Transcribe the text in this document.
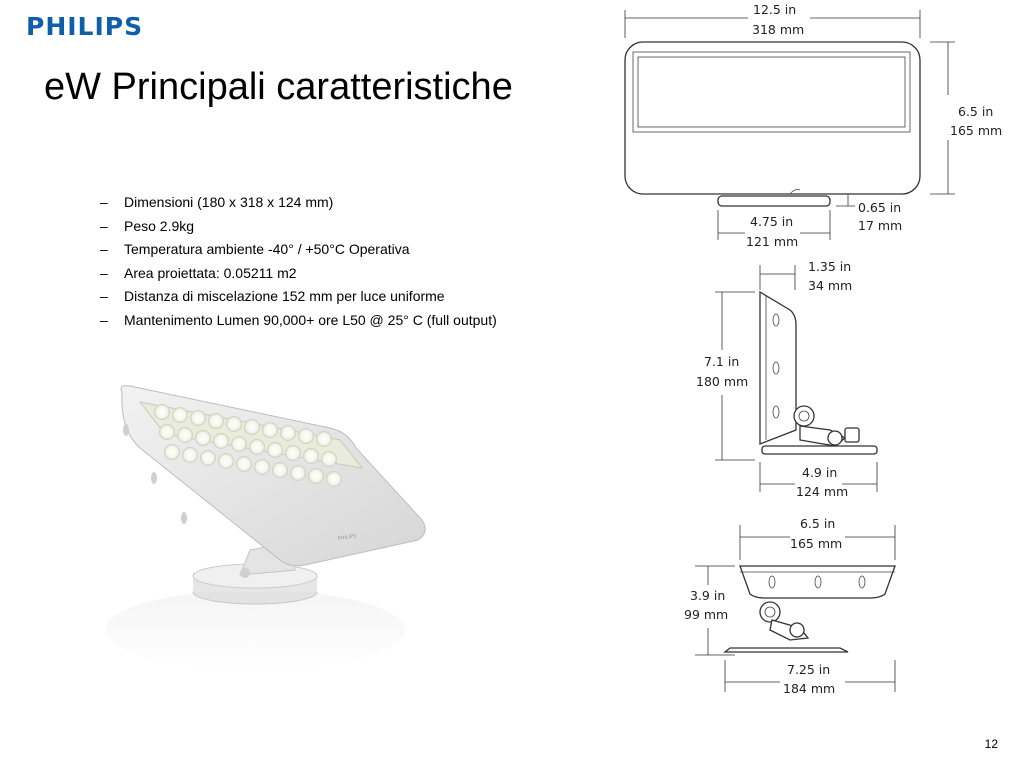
PHILIPS
eW Principali caratteristiche
– Dimensioni (180 x 318 x 124 mm)
– Peso 2.9kg
– Temperatura ambiente -40° / +50°C Operativa
– Area proiettata: 0.05211 m2
– Distanza di miscelazione 152 mm per luce uniforme
– Mantenimento Lumen 90,000+ ore L50 @ 25° C (full output)
PHILIPS
12.5 in
318 mm
6.5 in
165 mm
0.65 in
17 mm
4.75 in
121 mm
1.35 in
34 mm
7.1 in
180 mm
4.9 in
124 mm
6.5 in
165 mm
3.9 in
99 mm
7.25 in
184 mm
12
